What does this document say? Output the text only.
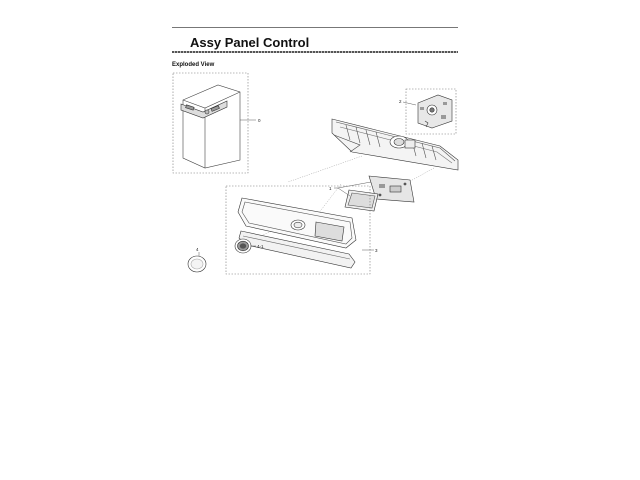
Assy Panel Control
Exploded View
0
2
1
3
4-1
4
